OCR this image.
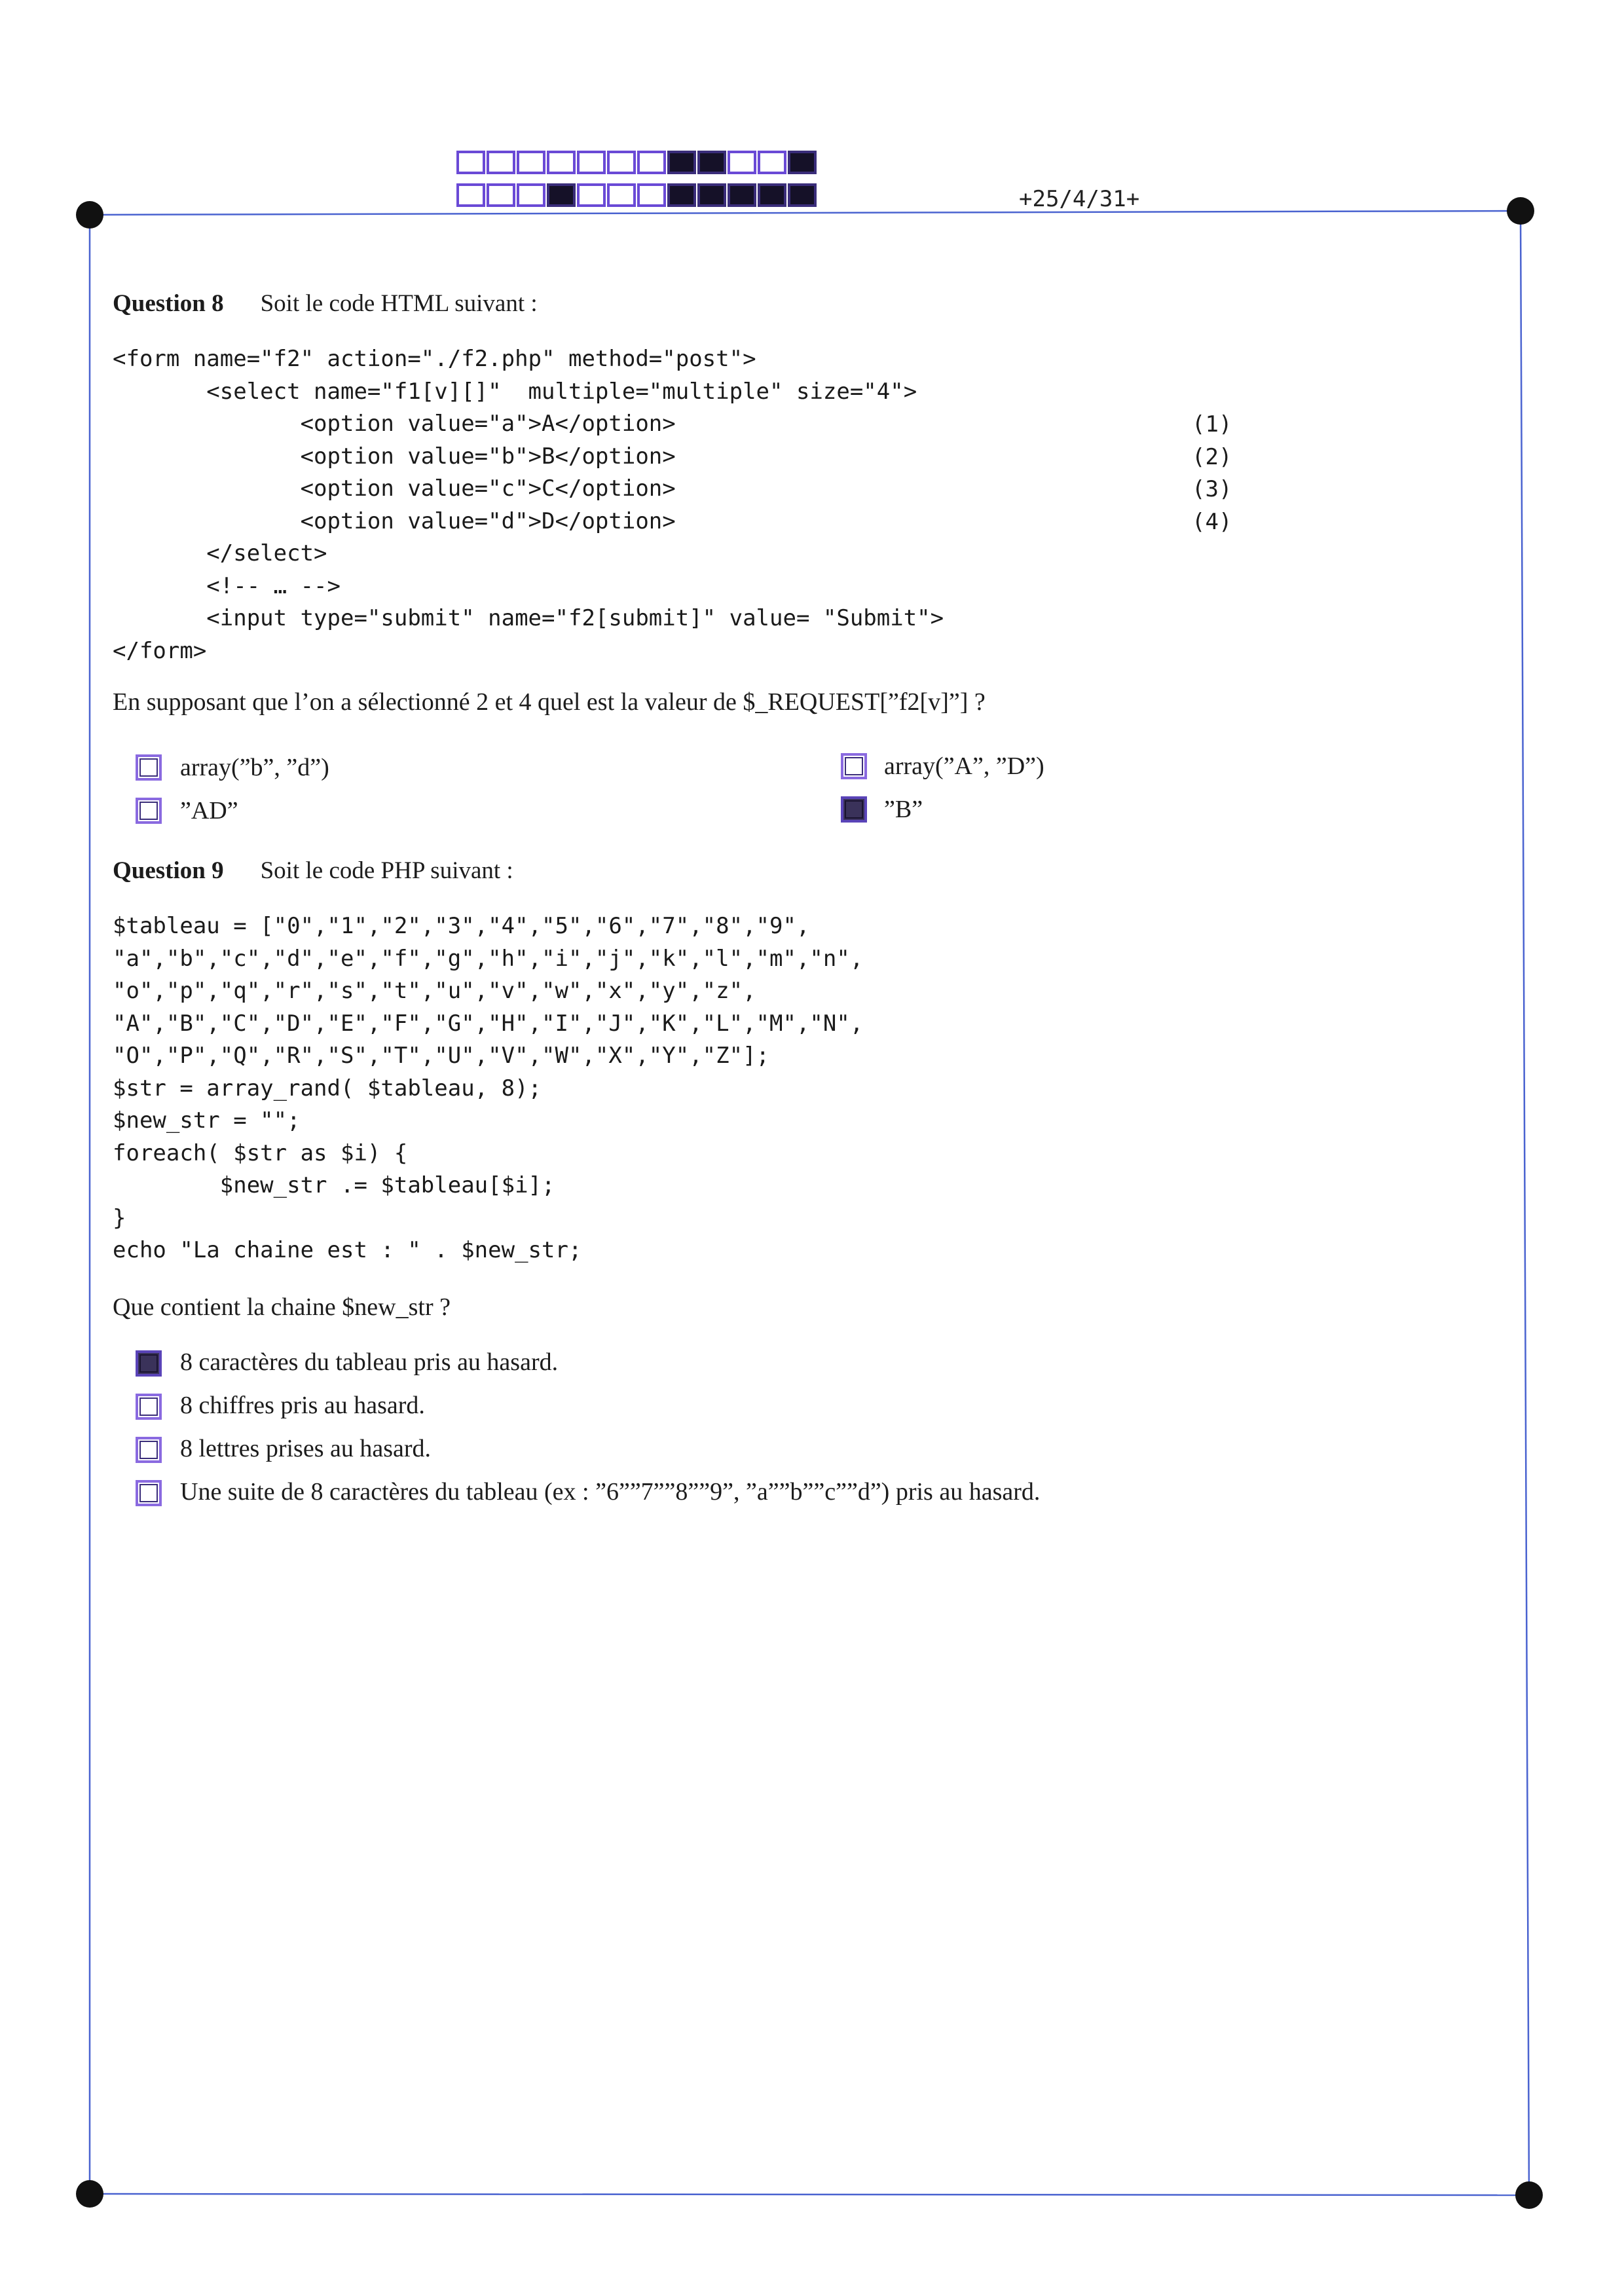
+25/4/31+
Question 8 Soit le code HTML suivant :
<form name="f2" action="./f2.php" method="post">
<select name="f1[v][]"  multiple="multiple" size="4">
<option value="a">A</option>
<option value="b">B</option>
<option value="c">C</option>
<option value="d">D</option>
</select>
<!-- … -->
<input type="submit" name="f2[submit]" value= "Submit">
</form>
(1)
(2)
(3)
(4)
En supposant que l’on a sélectionné 2 et 4 quel est la valeur de $_REQUEST[”f2[v]”] ?
array(”b”, ”d”)	array(”A”, ”D”)
”AD”	”B”
Question 9 Soit le code PHP suivant :
$tableau = ["0","1","2","3","4","5","6","7","8","9",
"a","b","c","d","e","f","g","h","i","j","k","l","m","n",
"o","p","q","r","s","t","u","v","w","x","y","z",
"A","B","C","D","E","F","G","H","I","J","K","L","M","N",
"O","P","Q","R","S","T","U","V","W","X","Y","Z"];
$str = array_rand( $tableau, 8);
$new_str = "";
foreach( $str as $i) {
$new_str .= $tableau[$i];
}
echo "La chaine est : " . $new_str;
Que contient la chaine $new_str ?
8 caractères du tableau pris au hasard.
8 chiffres pris au hasard.
8 lettres prises au hasard.
Une suite de 8 caractères du tableau (ex : ”6””7””8””9”, ”a””b””c””d”) pris au hasard.
